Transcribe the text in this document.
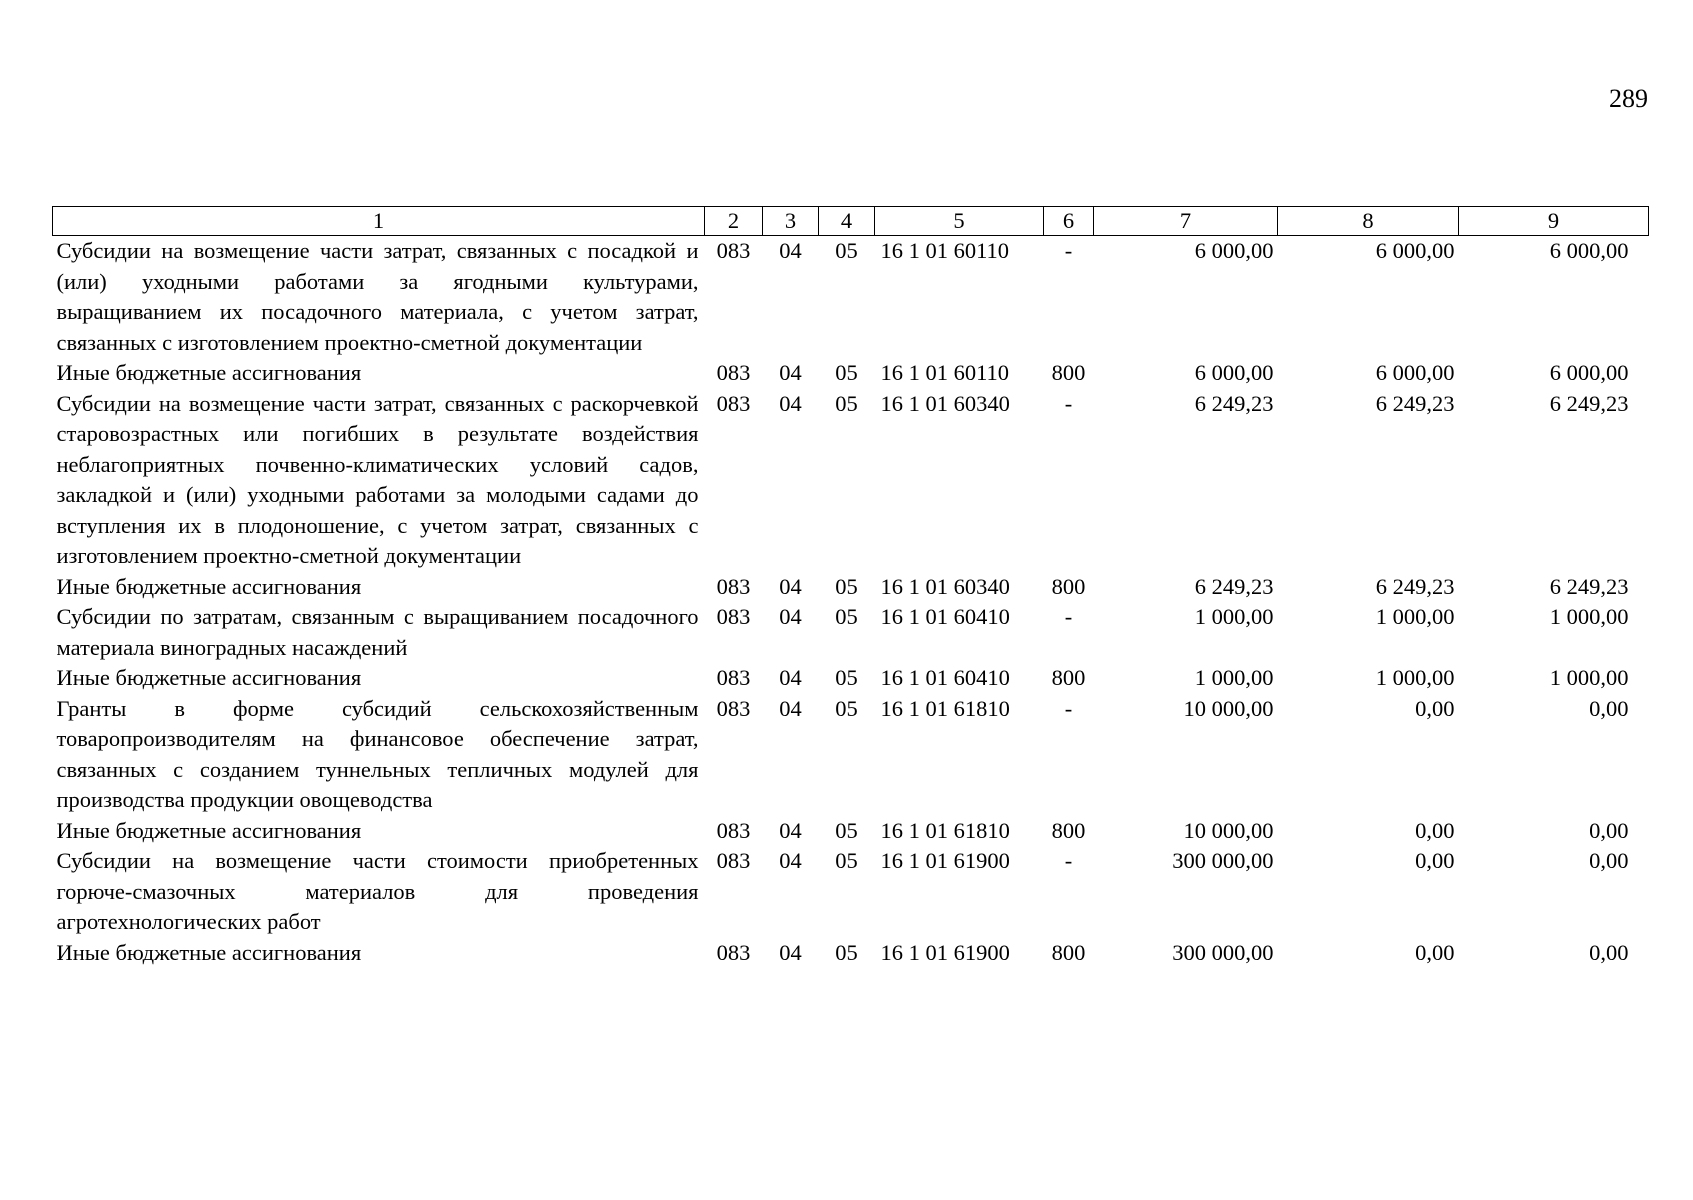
289
1	2	3	4	5	6	7	8	9
Субсидии на возмещение части затрат, связанных с посадкой и (или) уходными работами за ягодными культурами, выращиванием их посадочного материала, с учетом затрат, связанных с изготовлением проектно-сметной документации	083	04	05	16 1 01 60110	-	6 000,00	6 000,00	6 000,00
Иные бюджетные ассигнования	083	04	05	16 1 01 60110	800	6 000,00	6 000,00	6 000,00
Субсидии на возмещение части затрат, связанных с раскорчевкой старовозрастных или погибших в результате воздействия неблагоприятных почвенно-климатических условий садов, закладкой и (или) уходными работами за молодыми садами до вступления их в плодоношение, с учетом затрат, связанных с изготовлением проектно-сметной документации	083	04	05	16 1 01 60340	-	6 249,23	6 249,23	6 249,23
Иные бюджетные ассигнования	083	04	05	16 1 01 60340	800	6 249,23	6 249,23	6 249,23
Субсидии по затратам, связанным с выращиванием посадочного материала виноградных насаждений	083	04	05	16 1 01 60410	-	1 000,00	1 000,00	1 000,00
Иные бюджетные ассигнования	083	04	05	16 1 01 60410	800	1 000,00	1 000,00	1 000,00
Гранты в форме субсидий сельскохозяйственным товаропроизводителям на финансовое обеспечение затрат, связанных с созданием туннельных тепличных модулей для производства продукции овощеводства	083	04	05	16 1 01 61810	-	10 000,00	0,00	0,00
Иные бюджетные ассигнования	083	04	05	16 1 01 61810	800	10 000,00	0,00	0,00
Субсидии на возмещение части стоимости приобретенных горюче-смазочных материалов для проведения агротехнологических работ	083	04	05	16 1 01 61900	-	300 000,00	0,00	0,00
Иные бюджетные ассигнования	083	04	05	16 1 01 61900	800	300 000,00	0,00	0,00
